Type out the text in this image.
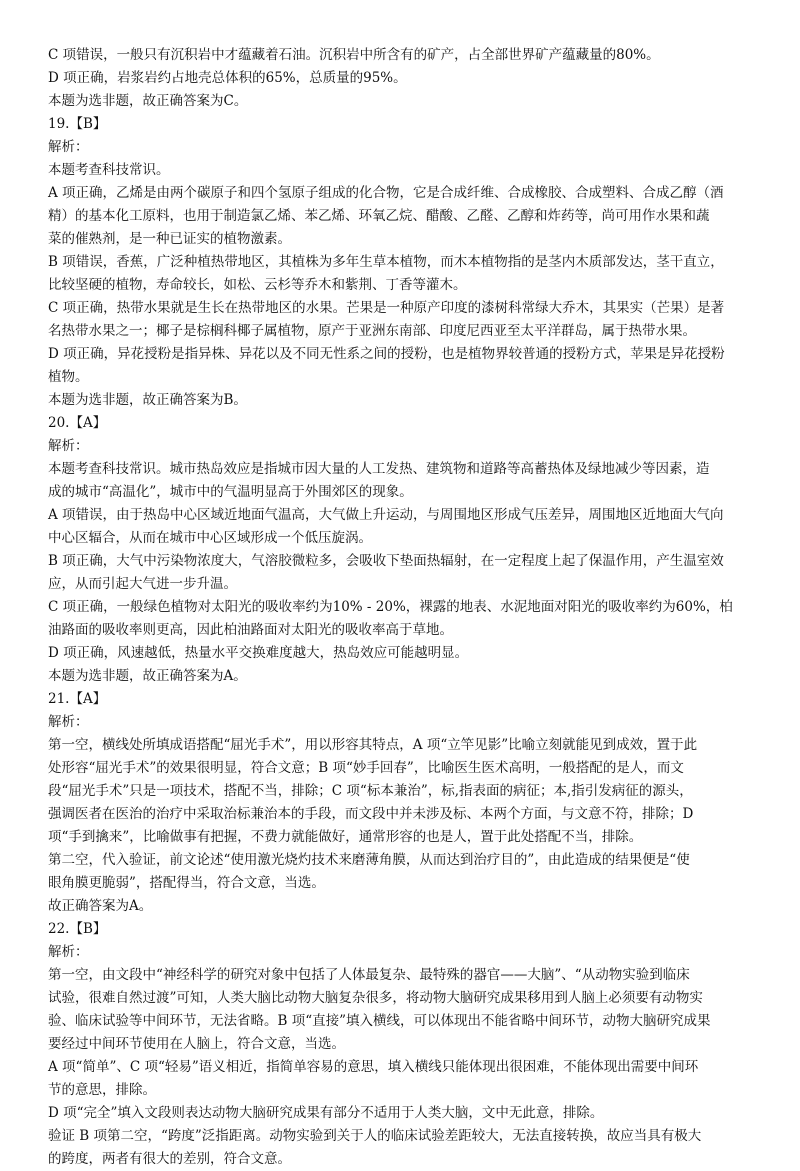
C 项错误，一般只有沉积岩中才蕴藏着石油。沉积岩中所含有的矿产，占全部世界矿产蕴藏量的80%。

D 项正确，岩浆岩约占地壳总体积的65%，总质量的95%。

本题为选非题，故正确答案为C。

19.【B】

解析：

本题考查科技常识。

A 项正确，乙烯是由两个碳原子和四个氢原子组成的化合物，它是合成纤维、合成橡胶、合成塑料、合成乙醇（酒

精）的基本化工原料，也用于制造氯乙烯、苯乙烯、环氧乙烷、醋酸、乙醛、乙醇和炸药等，尚可用作水果和蔬

菜的催熟剂，是一种已证实的植物激素。

B 项错误，香蕉，广泛种植热带地区，其植株为多年生草本植物，而木本植物指的是茎内木质部发达，茎干直立，

比较坚硬的植物，寿命较长，如松、云杉等乔木和紫荆、丁香等灌木。

C 项正确，热带水果就是生长在热带地区的水果。芒果是一种原产印度的漆树科常绿大乔木，其果实（芒果）是著

名热带水果之一；椰子是棕榈科椰子属植物，原产于亚洲东南部、印度尼西亚至太平洋群岛，属于热带水果。

D 项正确，异花授粉是指异株、异花以及不同无性系之间的授粉，也是植物界较普通的授粉方式，苹果是异花授粉

植物。

本题为选非题，故正确答案为B。

20.【A】

解析：

本题考查科技常识。城市热岛效应是指城市因大量的人工发热、建筑物和道路等高蓄热体及绿地减少等因素，造

成的城市“高温化”，城市中的气温明显高于外围郊区的现象。

A 项错误，由于热岛中心区域近地面气温高，大气做上升运动，与周围地区形成气压差异，周围地区近地面大气向

中心区辐合，从而在城市中心区域形成一个低压旋涡。

B 项正确，大气中污染物浓度大，气溶胶微粒多，会吸收下垫面热辐射，在一定程度上起了保温作用，产生温室效

应，从而引起大气进一步升温。

C 项正确，一般绿色植物对太阳光的吸收率约为10% - 20%，裸露的地表、水泥地面对阳光的吸收率约为60%，柏

油路面的吸收率则更高，因此柏油路面对太阳光的吸收率高于草地。

D 项正确，风速越低，热量水平交换难度越大，热岛效应可能越明显。

本题为选非题，故正确答案为A。

21.【A】

解析：

第一空，横线处所填成语搭配“屈光手术”，用以形容其特点，A 项“立竿见影”比喻立刻就能见到成效，置于此

处形容“屈光手术”的效果很明显，符合文意；B 项“妙手回春”，比喻医生医术高明，一般搭配的是人，而文

段“屈光手术”只是一项技术，搭配不当，排除；C 项“标本兼治”，标,指表面的病征；本,指引发病征的源头，

强调医者在医治的治疗中采取治标兼治本的手段，而文段中并未涉及标、本两个方面，与文意不符，排除；D

项“手到擒来”，比喻做事有把握，不费力就能做好，通常形容的也是人，置于此处搭配不当，排除。

第二空，代入验证，前文论述“使用激光烧灼技术来磨薄角膜，从而达到治疗目的”，由此造成的结果便是“使

眼角膜更脆弱”，搭配得当，符合文意，当选。

故正确答案为A。

22.【B】

解析：

第一空，由文段中“神经科学的研究对象中包括了人体最复杂、最特殊的器官——大脑”、“从动物实验到临床

试验，很难自然过渡”可知，人类大脑比动物大脑复杂很多，将动物大脑研究成果移用到人脑上必须要有动物实

验、临床试验等中间环节，无法省略。B 项“直接”填入横线，可以体现出不能省略中间环节，动物大脑研究成果

要经过中间环节使用在人脑上，符合文意，当选。

A 项“简单”、C 项“轻易”语义相近，指简单容易的意思，填入横线只能体现出很困难，不能体现出需要中间环

节的意思，排除。

D 项“完全”填入文段则表达动物大脑研究成果有部分不适用于人类大脑，文中无此意，排除。

验证 B 项第二空，“跨度”泛指距离。动物实验到关于人的临床试验差距较大，无法直接转换，故应当具有极大

的跨度，两者有很大的差别，符合文意。
